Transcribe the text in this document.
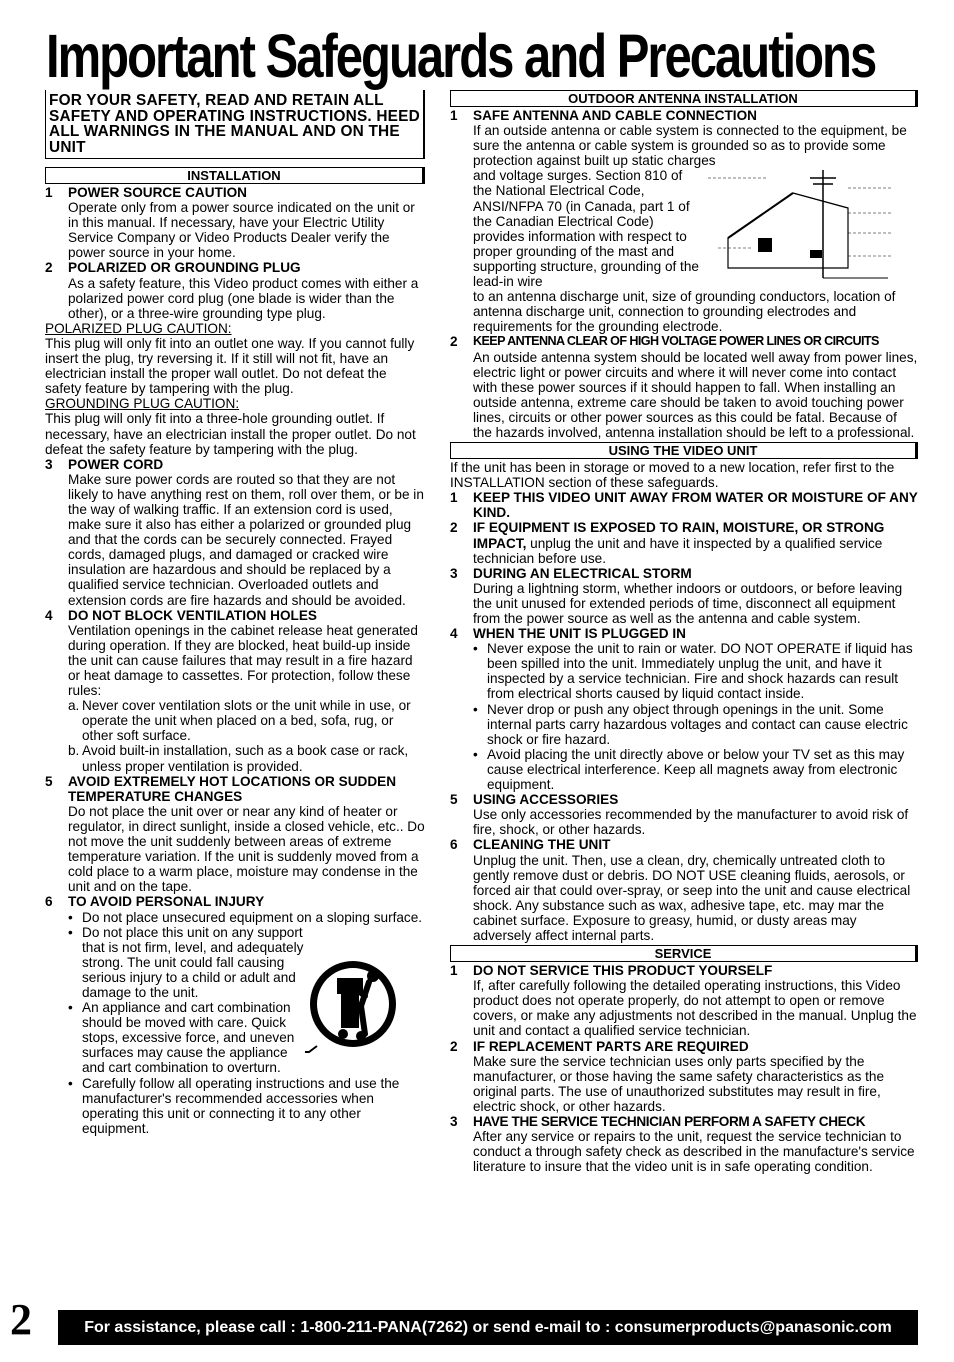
Important Safeguards and Precautions
FOR YOUR SAFETY, READ AND RETAIN ALL SAFETY AND OPERATING INSTRUCTIONS. HEED ALL WARNINGS IN THE MANUAL AND ON THE UNIT
INSTALLATION
1 POWER SOURCE CAUTION
Operate only from a power source indicated on the unit or in this manual. If necessary, have your Electric Utility Service Company or Video Products Dealer verify the power source in your home.
2 POLARIZED OR GROUNDING PLUG
As a safety feature, this Video product comes with either a polarized power cord plug (one blade is wider than the other), or a three-wire grounding type plug.
POLARIZED PLUG CAUTION:
This plug will only fit into an outlet one way. If you cannot fully insert the plug, try reversing it. If it still will not fit, have an electrician install the proper wall outlet. Do not defeat the safety feature by tampering with the plug.
GROUNDING PLUG CAUTION:
This plug will only fit into a three-hole grounding outlet. If necessary, have an electrician install the proper outlet. Do not defeat the safety feature by tampering with the plug.
3 POWER CORD
Make sure power cords are routed so that they are not likely to have anything rest on them, roll over them, or be in the way of walking traffic. If an extension cord is used, make sure it also has either a polarized or grounded plug and that the cords can be securely connected. Frayed cords, damaged plugs, and damaged or cracked wire insulation are hazardous and should be replaced by a qualified service technician. Overloaded outlets and extension cords are fire hazards and should be avoided.
4 DO NOT BLOCK VENTILATION HOLES
Ventilation openings in the cabinet release heat generated during operation. If they are blocked, heat build-up inside the unit can cause failures that may result in a fire hazard or heat damage to cassettes. For protection, follow these rules:
a. Never cover ventilation slots or the unit while in use, or operate the unit when placed on a bed, sofa, rug, or other soft surface.
b. Avoid built-in installation, such as a book case or rack, unless proper ventilation is provided.
5 AVOID EXTREMELY HOT LOCATIONS OR SUDDEN TEMPERATURE CHANGES
Do not place the unit over or near any kind of heater or regulator, in direct sunlight, inside a closed vehicle, etc.. Do not move the unit suddenly between areas of extreme temperature variation. If the unit is suddenly moved from a cold place to a warm place, moisture may condense in the unit and on the tape.
6 TO AVOID PERSONAL INJURY
• Do not place unsecured equipment on a sloping surface.
• Do not place this unit on any support that is not firm, level, and adequately strong. The unit could fall causing serious injury to a child or adult and damage to the unit.
• An appliance and cart combination should be moved with care. Quick stops, excessive force, and uneven surfaces may cause the appliance and cart combination to overturn.
• Carefully follow all operating instructions and use the manufacturer's recommended accessories when operating this unit or connecting it to any other equipment.
OUTDOOR ANTENNA INSTALLATION
1 SAFE ANTENNA AND CABLE CONNECTION
If an outside antenna or cable system is connected to the equipment, be sure the antenna or cable system is grounded so as to provide some protection against built up static charges
and voltage surges. Section 810 of the National Electrical Code, ANSI/NFPA 70 (in Canada, part 1 of the Canadian Electrical Code) provides information with respect to proper grounding of the mast and supporting structure, grounding of the lead-in wire
to an antenna discharge unit, size of grounding conductors, location of antenna discharge unit, connection to grounding electrodes and requirements for the grounding electrode.
2 KEEP ANTENNA CLEAR OF HIGH VOLTAGE POWER LINES OR CIRCUITS
An outside antenna system should be located well away from power lines, electric light or power circuits and where it will never come into contact with these power sources if it should happen to fall. When installing an outside antenna, extreme care should be taken to avoid touching power lines, circuits or other power sources as this could be fatal. Because of the hazards involved, antenna installation should be left to a professional.
USING THE VIDEO UNIT
If the unit has been in storage or moved to a new location, refer first to the INSTALLATION section of these safeguards.
1 KEEP THIS VIDEO UNIT AWAY FROM WATER OR MOISTURE OF ANY KIND.
2 IF EQUIPMENT IS EXPOSED TO RAIN, MOISTURE, OR STRONG IMPACT, unplug the unit and have it inspected by a qualified service technician before use.
3 DURING AN ELECTRICAL STORM
During a lightning storm, whether indoors or outdoors, or before leaving the unit unused for extended periods of time, disconnect all equipment from the power source as well as the antenna and cable system.
4 WHEN THE UNIT IS PLUGGED IN
• Never expose the unit to rain or water. DO NOT OPERATE if liquid has been spilled into the unit. Immediately unplug the unit, and have it inspected by a service technician. Fire and shock hazards can result from electrical shorts caused by liquid contact inside.
• Never drop or push any object through openings in the unit. Some internal parts carry hazardous voltages and contact can cause electric shock or fire hazard.
• Avoid placing the unit directly above or below your TV set as this may cause electrical interference. Keep all magnets away from electronic equipment.
5 USING ACCESSORIES
Use only accessories recommended by the manufacturer to avoid risk of fire, shock, or other hazards.
6 CLEANING THE UNIT
Unplug the unit. Then, use a clean, dry, chemically untreated cloth to gently remove dust or debris. DO NOT USE cleaning fluids, aerosols, or forced air that could over-spray, or seep into the unit and cause electrical shock. Any substance such as wax, adhesive tape, etc. may mar the cabinet surface. Exposure to greasy, humid, or dusty areas may adversely affect internal parts.
SERVICE
1 DO NOT SERVICE THIS PRODUCT YOURSELF
If, after carefully following the detailed operating instructions, this Video product does not operate properly, do not attempt to open or remove covers, or make any adjustments not described in the manual. Unplug the unit and contact a qualified service technician.
2 IF REPLACEMENT PARTS ARE REQUIRED
Make sure the service technician uses only parts specified by the manufacturer, or those having the same safety characteristics as the original parts. The use of unauthorized substitutes may result in fire, electric shock, or other hazards.
3 HAVE THE SERVICE TECHNICIAN PERFORM A SAFETY CHECK
After any service or repairs to the unit, request the service technician to conduct a through safety check as described in the manufacture's service literature to insure that the video unit is in safe operating condition.
2	For assistance, please call : 1-800-211-PANA(7262) or send e-mail to : consumerproducts@panasonic.com
